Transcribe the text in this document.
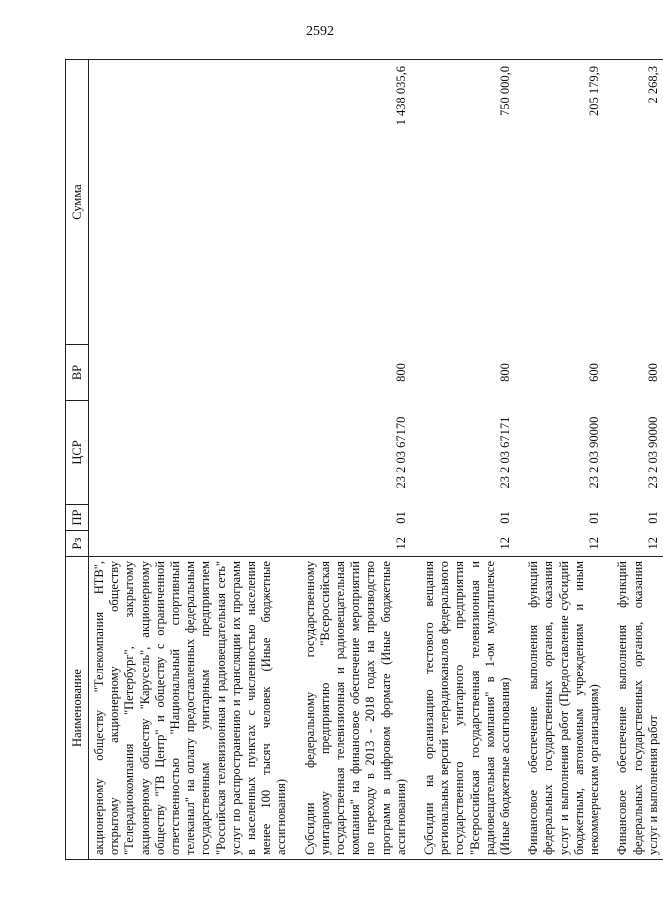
2592
Наименование	Рз	ПР	ЦСР	ВР	Сумма
акционерному обществу "Телекомпания НТВ", открытому акционерному обществу "Телерадиокомпания "Петербург", закрытому акционерному обществу "Карусель", акционерному обществу "ТВ Центр" и обществу с ограниченной ответственностью "Национальный спортивный телеканал" на оплату предоставленных федеральным государственным унитарным предприятием "Российская телевизионная и радиовещательная сеть" услуг по распространению и трансляции их программ в населенных пунктах с численностью населения менее 100 тысяч человек (Иные бюджетные ассигнования)					

Субсидии федеральному государственному унитарному предприятию "Всероссийская государственная телевизионная и радиовещательная компания" на финансовое обеспечение мероприятий по переходу в 2013 - 2018 годах на производство программ в цифровом формате (Иные бюджетные ассигнования)	12	01	23 2 03 67170	800	1 438 035,6

Субсидии на организацию тестового вещания региональных версий телерадиоканалов федерального государственного унитарного предприятия "Всероссийская государственная телевизионная и радиовещательная компания" в 1-ом мультиплексе (Иные бюджетные ассигнования)	12	01	23 2 03 67171	800	750 000,0

Финансовое обеспечение выполнения функций федеральных государственных органов, оказания услуг и выполнения работ (Предоставление субсидий бюджетным, автономным учреждениям и иным некоммерческим организациям)	12	01	23 2 03 90000	600	205 179,9

Финансовое обеспечение выполнения функций федеральных государственных органов, оказания услуг и выполнения работ	12	01	23 2 03 90000	800	2 268,3
